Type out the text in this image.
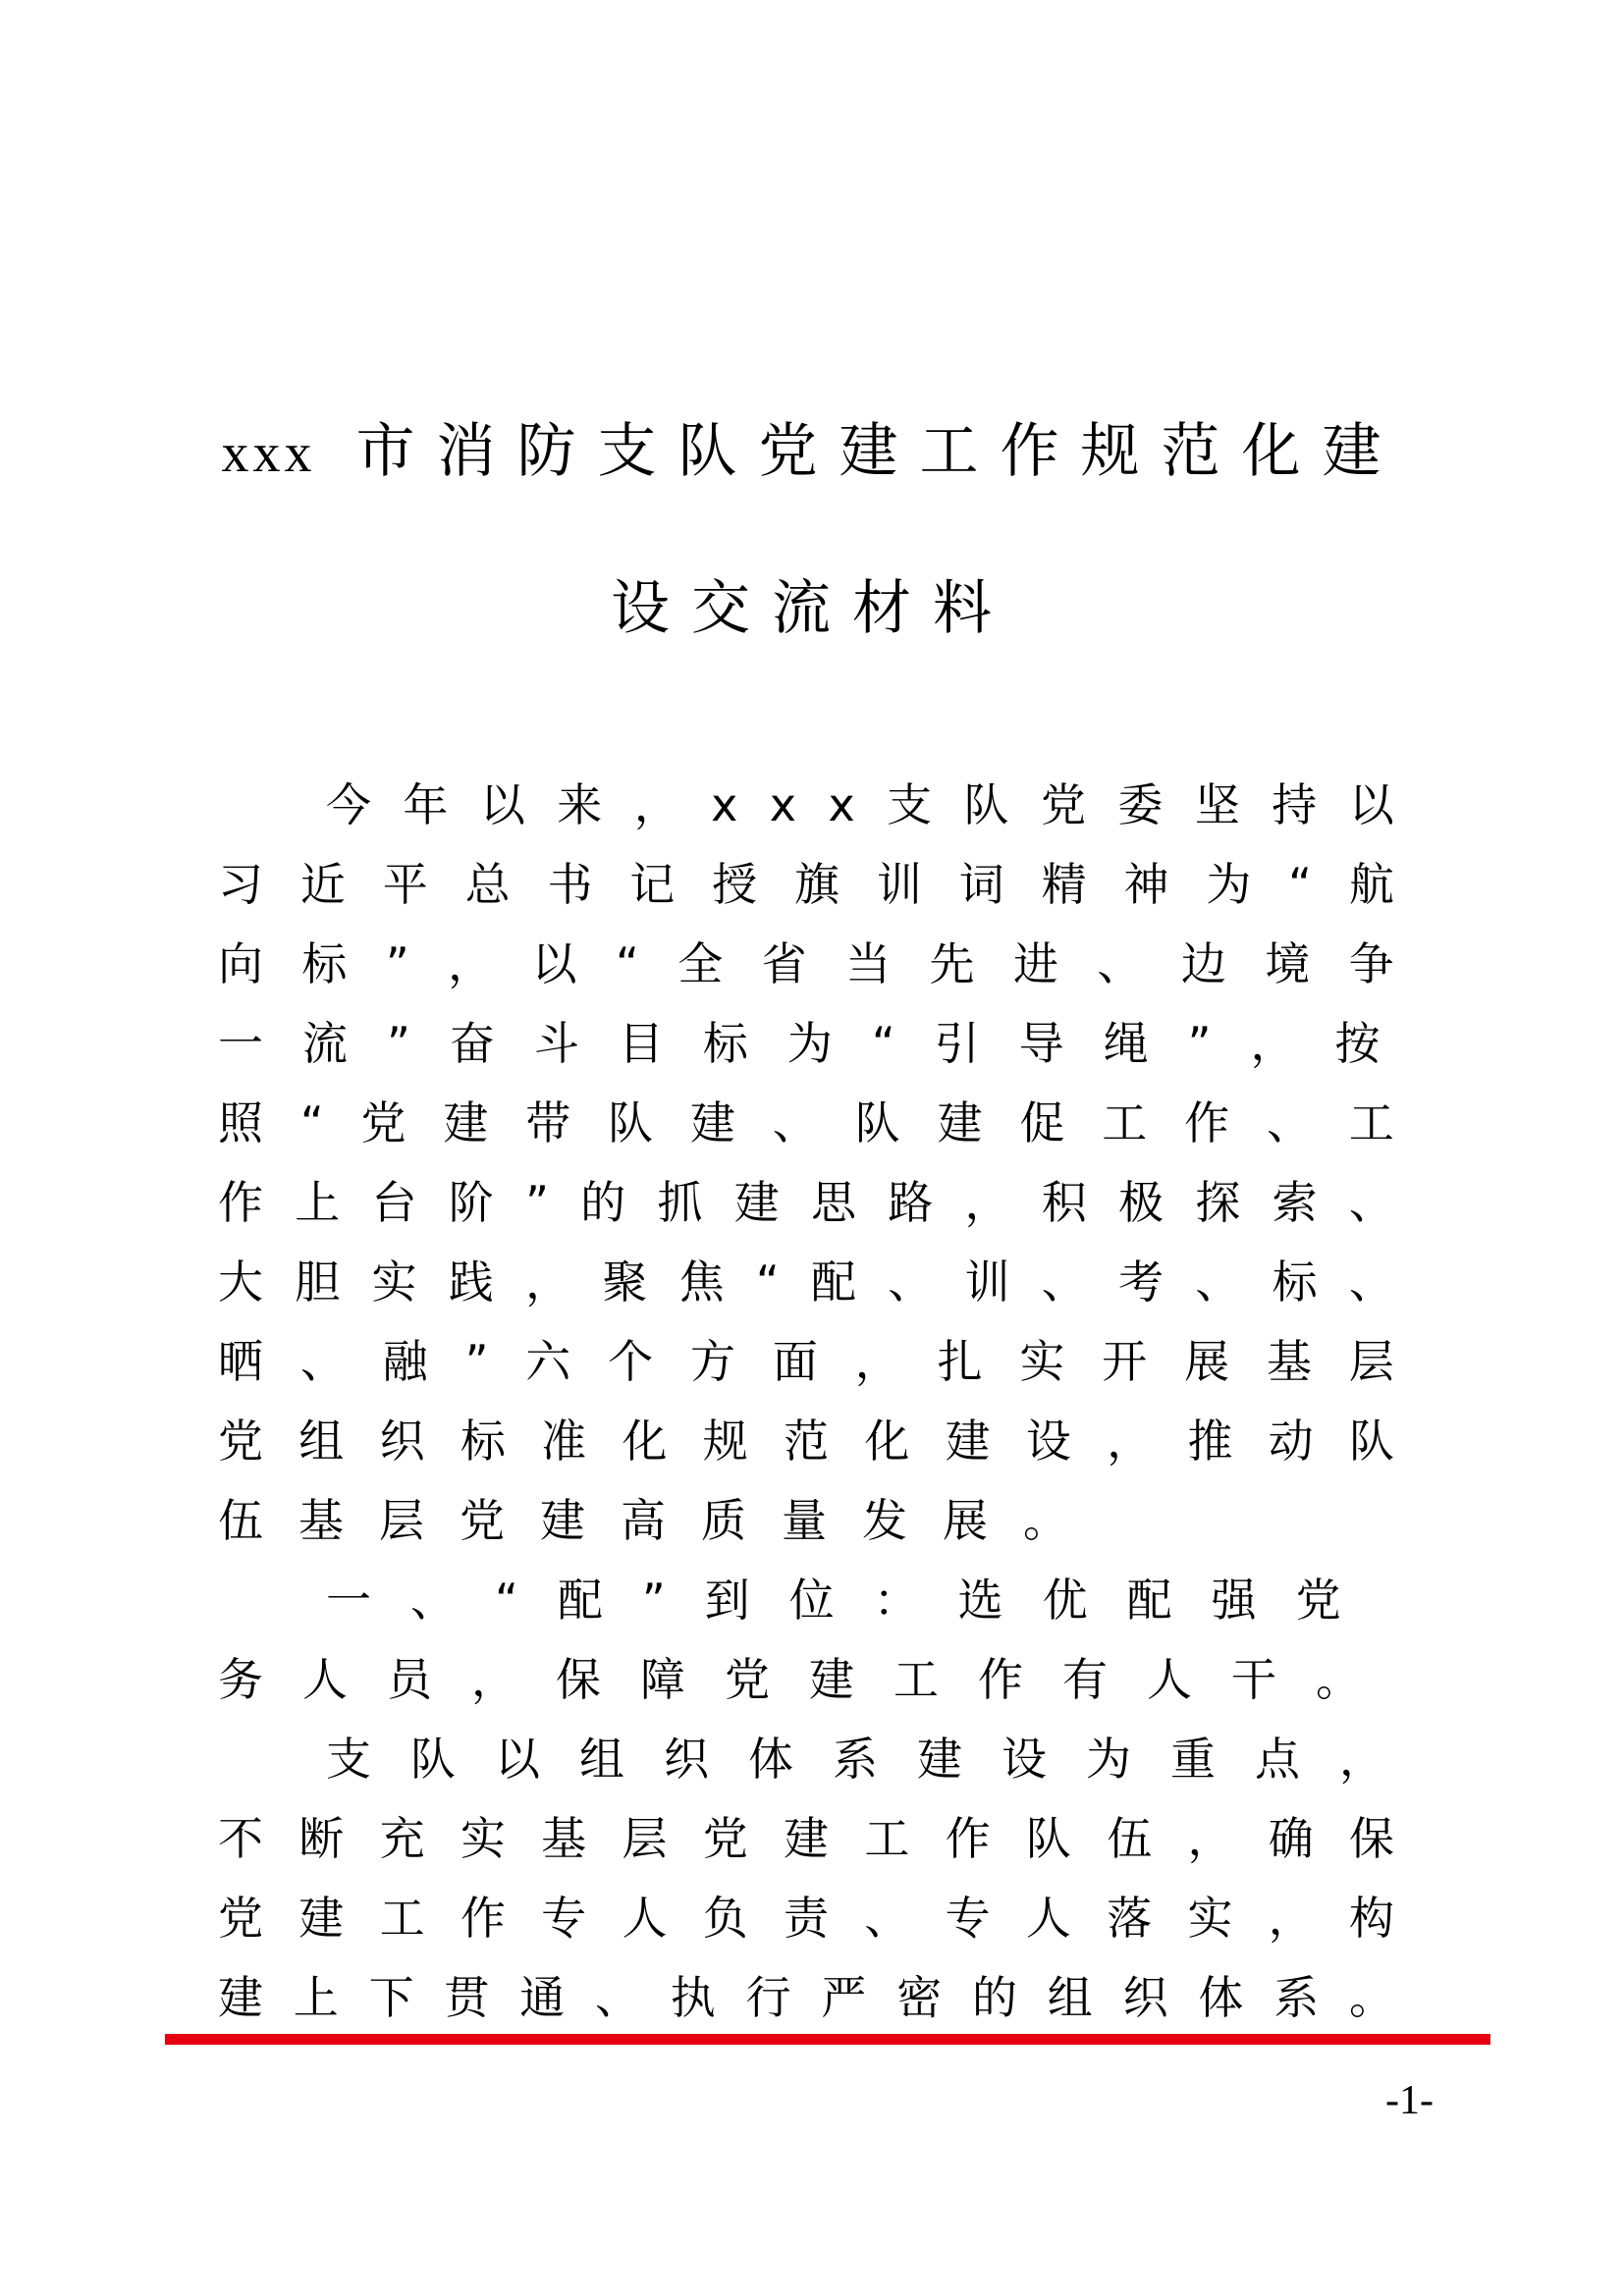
xxx 市消防支队党建工作规范化建
设交流材料
今年以来，xxx支队党委坚持以
习近平总书记授旗训词精神为“航
向标”，以“全省当先进、边境争
一流”奋斗目标为“引导绳”，按
照“党建带队建、队建促工作、工
作上台阶”的抓建思路，积极探索、
大胆实践，聚焦“配、训、考、标、
晒、融”六个方面，扎实开展基层
党组织标准化规范化建设，推动队
伍基层党建高质量发展。
一、“配”到位：选优配强党
务人员，保障党建工作有人干。
支队以组织体系建设为重点，
不断充实基层党建工作队伍，确保
党建工作专人负责、专人落实，构
建上下贯通、执行严密的组织体系。
-1-
